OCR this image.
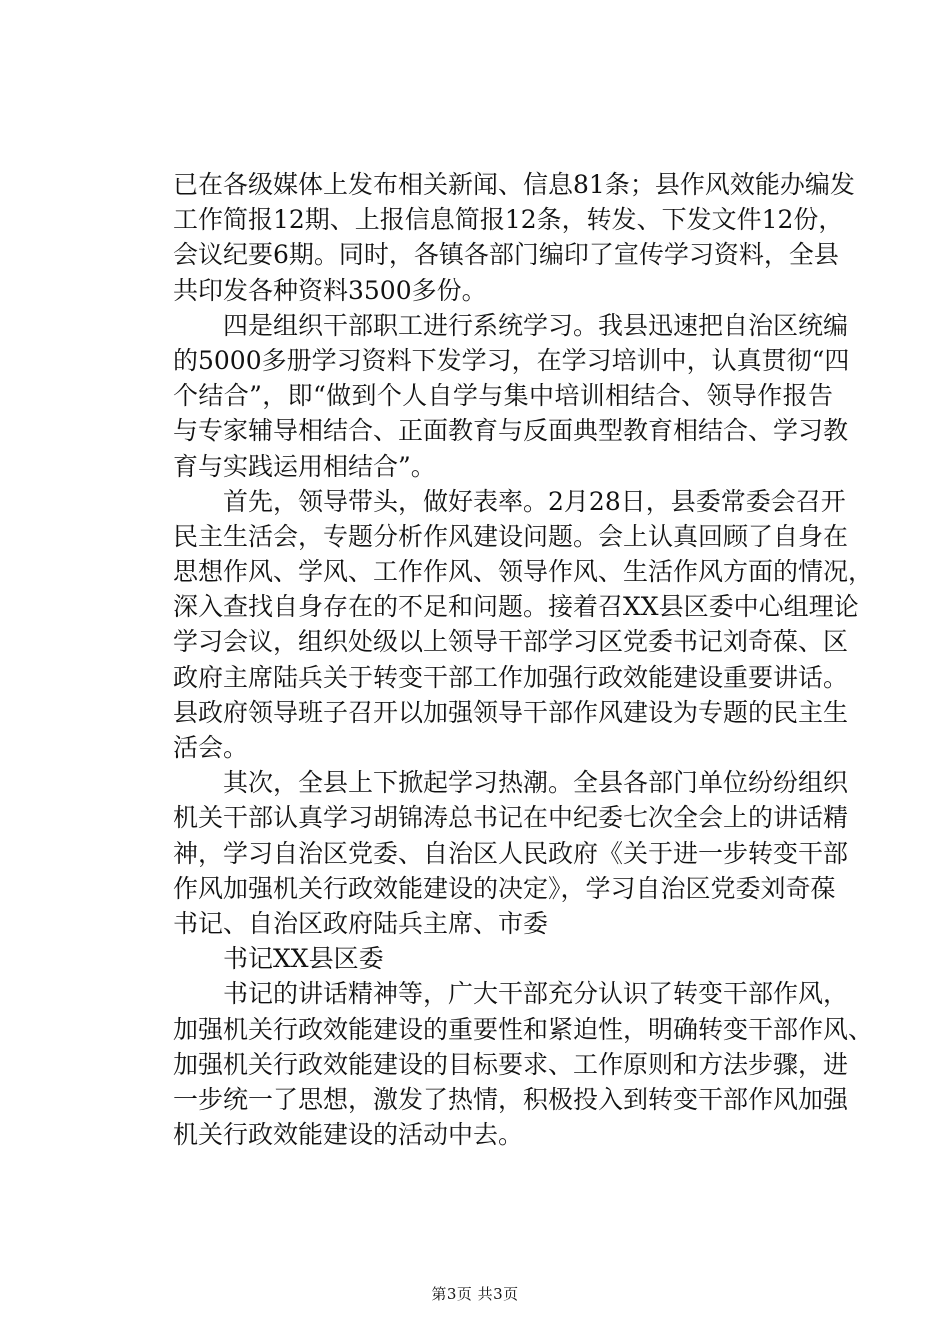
已在各级媒体上发布相关新闻、信息81条；县作风效能办编发
工作简报12期、上报信息简报12条，转发、下发文件12份，
会议纪要6期。同时，各镇各部门编印了宣传学习资料，全县
共印发各种资料3500多份。
四是组织干部职工进行系统学习。我县迅速把自治区统编
的5000多册学习资料下发学习，在学习培训中，认真贯彻“四
个结合”，即“做到个人自学与集中培训相结合、领导作报告
与专家辅导相结合、正面教育与反面典型教育相结合、学习教
育与实践运用相结合”。
首先，领导带头，做好表率。2月28日，县委常委会召开
民主生活会，专题分析作风建设问题。会上认真回顾了自身在
思想作风、学风、工作作风、领导作风、生活作风方面的情况，
深入查找自身存在的不足和问题。接着召XX县区委中心组理论
学习会议，组织处级以上领导干部学习区党委书记刘奇葆、区
政府主席陆兵关于转变干部工作加强行政效能建设重要讲话。
县政府领导班子召开以加强领导干部作风建设为专题的民主生
活会。
其次，全县上下掀起学习热潮。全县各部门单位纷纷组织
机关干部认真学习胡锦涛总书记在中纪委七次全会上的讲话精
神，学习自治区党委、自治区人民政府《关于进一步转变干部
作风加强机关行政效能建设的决定》，学习自治区党委刘奇葆
书记、自治区政府陆兵主席、市委
书记XX县区委
书记的讲话精神等，广大干部充分认识了转变干部作风，
加强机关行政效能建设的重要性和紧迫性，明确转变干部作风、
加强机关行政效能建设的目标要求、工作原则和方法步骤，进
一步统一了思想，激发了热情，积极投入到转变干部作风加强
机关行政效能建设的活动中去。
第3页 共3页
